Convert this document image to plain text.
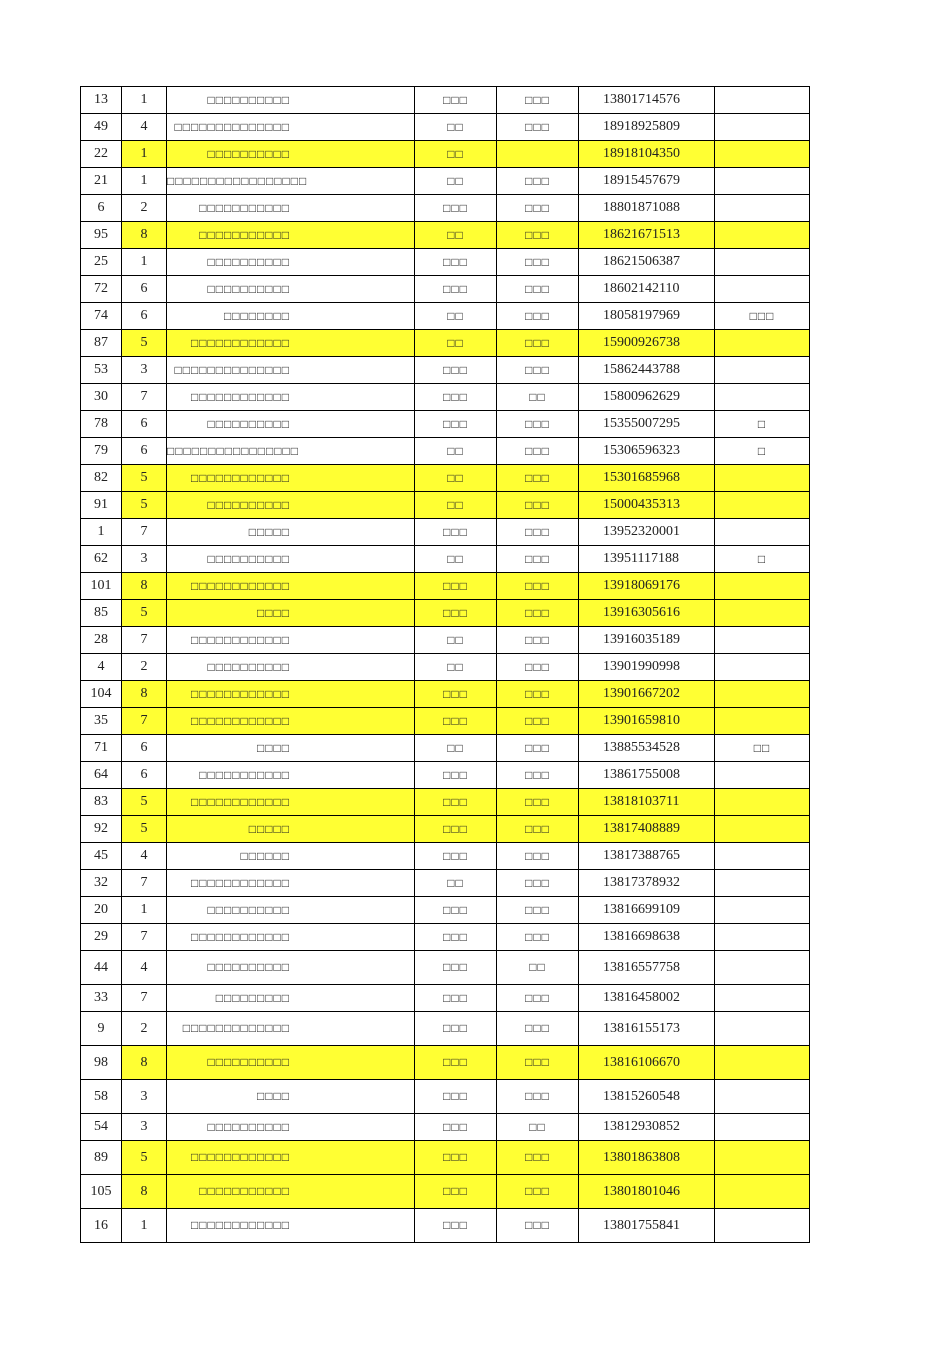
13	1	□□□□□□□□□□	□□□	□□□	13801714576	
49	4	□□□□□□□□□□□□□□	□□	□□□	18918925809	
22	1	□□□□□□□□□□	□□		18918104350	
21	1	□□□□□□□□□□□□□□□□□	□□	□□□	18915457679	
6	2	□□□□□□□□□□□	□□□	□□□	18801871088	
95	8	□□□□□□□□□□□	□□	□□□	18621671513	
25	1	□□□□□□□□□□	□□□	□□□	18621506387	
72	6	□□□□□□□□□□	□□□	□□□	18602142110	
74	6	□□□□□□□□	□□	□□□	18058197969	□□□
87	5	□□□□□□□□□□□□	□□	□□□	15900926738	
53	3	□□□□□□□□□□□□□□	□□□	□□□	15862443788	
30	7	□□□□□□□□□□□□	□□□	□□	15800962629	
78	6	□□□□□□□□□□	□□□	□□□	15355007295	□
79	6	□□□□□□□□□□□□□□□□	□□	□□□	15306596323	□
82	5	□□□□□□□□□□□□	□□	□□□	15301685968	
91	5	□□□□□□□□□□	□□	□□□	15000435313	
1	7	□□□□□	□□□	□□□	13952320001	
62	3	□□□□□□□□□□	□□	□□□	13951117188	□
101	8	□□□□□□□□□□□□	□□□	□□□	13918069176	
85	5	□□□□	□□□	□□□	13916305616	
28	7	□□□□□□□□□□□□	□□	□□□	13916035189	
4	2	□□□□□□□□□□	□□	□□□	13901990998	
104	8	□□□□□□□□□□□□	□□□	□□□	13901667202	
35	7	□□□□□□□□□□□□	□□□	□□□	13901659810	
71	6	□□□□	□□	□□□	13885534528	□□
64	6	□□□□□□□□□□□	□□□	□□□	13861755008	
83	5	□□□□□□□□□□□□	□□□	□□□	13818103711	
92	5	□□□□□	□□□	□□□	13817408889	
45	4	□□□□□□	□□□	□□□	13817388765	
32	7	□□□□□□□□□□□□	□□	□□□	13817378932	
20	1	□□□□□□□□□□	□□□	□□□	13816699109	
29	7	□□□□□□□□□□□□	□□□	□□□	13816698638	
44	4	□□□□□□□□□□	□□□	□□	13816557758	
33	7	□□□□□□□□□	□□□	□□□	13816458002	
9	2	□□□□□□□□□□□□□	□□□	□□□	13816155173	
98	8	□□□□□□□□□□	□□□	□□□	13816106670	
58	3	□□□□	□□□	□□□	13815260548	
54	3	□□□□□□□□□□	□□□	□□	13812930852	
89	5	□□□□□□□□□□□□	□□□	□□□	13801863808	
105	8	□□□□□□□□□□□	□□□	□□□	13801801046	
16	1	□□□□□□□□□□□□	□□□	□□□	13801755841	
